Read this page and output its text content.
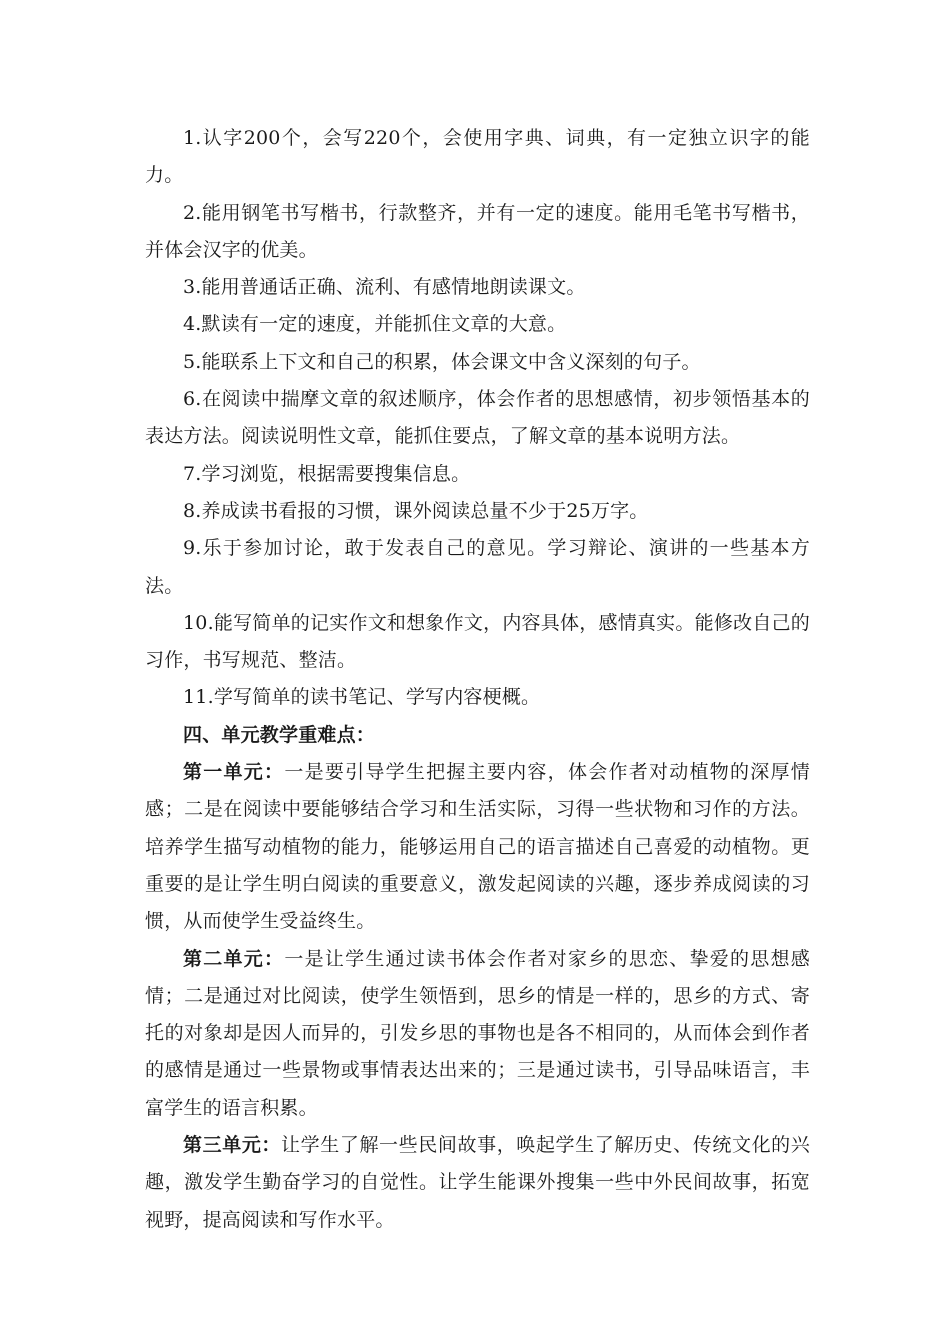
1.认字200个，会写220个，会使用字典、词典，有一定独立识字的能力。

2.能用钢笔书写楷书，行款整齐，并有一定的速度。能用毛笔书写楷书，并体会汉字的优美。

3.能用普通话正确、流利、有感情地朗读课文。

4.默读有一定的速度，并能抓住文章的大意。

5.能联系上下文和自己的积累，体会课文中含义深刻的句子。

6.在阅读中揣摩文章的叙述顺序，体会作者的思想感情，初步领悟基本的表达方法。阅读说明性文章，能抓住要点，了解文章的基本说明方法。

7.学习浏览，根据需要搜集信息。

8.养成读书看报的习惯，课外阅读总量不少于25万字。

9.乐于参加讨论，敢于发表自己的意见。学习辩论、演讲的一些基本方法。

10.能写简单的记实作文和想象作文，内容具体，感情真实。能修改自己的习作，书写规范、整洁。

11.学写简单的读书笔记、学写内容梗概。

四、单元教学重难点：

第一单元：一是要引导学生把握主要内容，体会作者对动植物的深厚情感；二是在阅读中要能够结合学习和生活实际，习得一些状物和习作的方法。培养学生描写动植物的能力，能够运用自己的语言描述自己喜爱的动植物。更重要的是让学生明白阅读的重要意义，激发起阅读的兴趣，逐步养成阅读的习惯，从而使学生受益终生。

第二单元：一是让学生通过读书体会作者对家乡的思恋、挚爱的思想感情；二是通过对比阅读，使学生领悟到，思乡的情是一样的，思乡的方式、寄托的对象却是因人而异的，引发乡思的事物也是各不相同的，从而体会到作者的感情是通过一些景物或事情表达出来的；三是通过读书，引导品味语言，丰富学生的语言积累。

第三单元：让学生了解一些民间故事，唤起学生了解历史、传统文化的兴趣，激发学生勤奋学习的自觉性。让学生能课外搜集一些中外民间故事，拓宽视野，提高阅读和写作水平。
